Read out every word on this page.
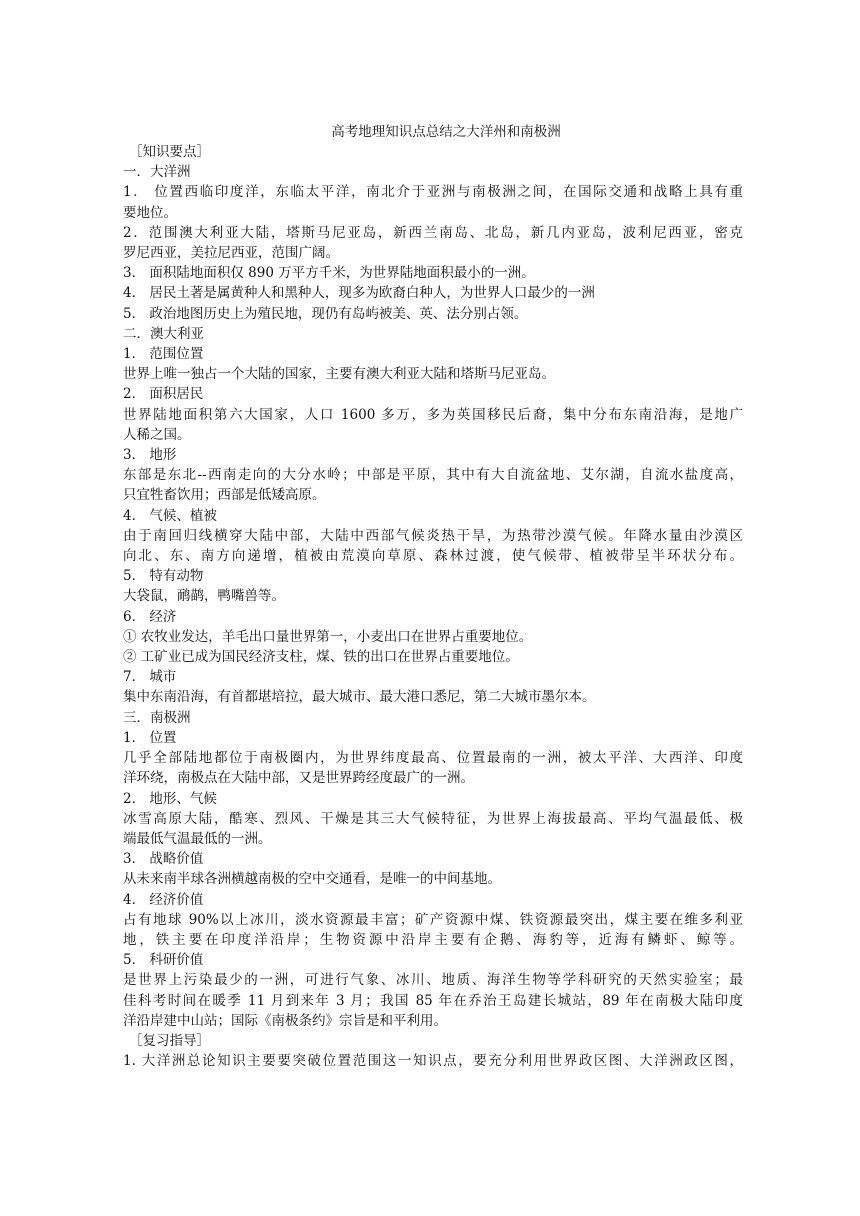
高考地理知识点总结之大洋州和南极洲

［知识要点］

一．大洋洲

1． 位置西临印度洋，东临太平洋，南北介于亚洲与南极洲之间，在国际交通和战略上具有重

要地位。

2．范围澳大利亚大陆，塔斯马尼亚岛，新西兰南岛、北岛，新几内亚岛，波利尼西亚，密克

罗尼西亚，美拉尼西亚，范围广阔。

3． 面积陆地面积仅 890 万平方千米，为世界陆地面积最小的一洲。

4． 居民土著是属黄种人和黑种人，现多为欧裔白种人，为世界人口最少的一洲

5． 政治地图历史上为殖民地，现仍有岛屿被美、英、法分别占领。

二．澳大利亚

1． 范围位置

世界上唯一独占一个大陆的国家，主要有澳大利亚大陆和塔斯马尼亚岛。

2． 面积居民

世界陆地面积第六大国家，人口 1600 多万，多为英国移民后裔，集中分布东南沿海，是地广

人稀之国。

3． 地形

东部是东北--西南走向的大分水岭；中部是平原，其中有大自流盆地、艾尔湖，自流水盐度高，

只宜牲畜饮用；西部是低矮高原。

4． 气候、植被

由于南回归线横穿大陆中部，大陆中西部气候炎热干旱，为热带沙漠气候。年降水量由沙漠区

向北、东、南方向递增，植被由荒漠向草原、森林过渡，使气候带、植被带呈半环状分布。

5． 特有动物

大袋鼠，鸸鹋，鸭嘴兽等。

6． 经济

① 农牧业发达，羊毛出口量世界第一，小麦出口在世界占重要地位。

② 工矿业已成为国民经济支柱，煤、铁的出口在世界占重要地位。

7． 城市

集中东南沿海，有首都堪培拉，最大城市、最大港口悉尼，第二大城市墨尔本。

三．南极洲

1． 位置

几乎全部陆地都位于南极圈内，为世界纬度最高、位置最南的一洲，被太平洋、大西洋、印度

洋环绕，南极点在大陆中部，又是世界跨经度最广的一洲。

2． 地形、气候

冰雪高原大陆，酷寒、烈风、干燥是其三大气候特征，为世界上海拔最高、平均气温最低、极

端最低气温最低的一洲。

3． 战略价值

从未来南半球各洲横越南极的空中交通看，是唯一的中间基地。

4． 经济价值

占有地球 90%以上冰川，淡水资源最丰富；矿产资源中煤、铁资源最突出，煤主要在维多利亚

地，铁主要在印度洋沿岸；生物资源中沿岸主要有企鹅、海豹等，近海有鳞虾、鲸等。

5． 科研价值

是世界上污染最少的一洲，可进行气象、冰川、地质、海洋生物等学科研究的天然实验室；最

佳科考时间在暖季 11 月到来年 3 月；我国 85 年在乔治王岛建长城站，89 年在南极大陆印度

洋沿岸建中山站；国际《南极条约》宗旨是和平利用。

［复习指导］

1. 大洋洲总论知识主要要突破位置范围这一知识点，要充分利用世界政区图、大洋洲政区图，
